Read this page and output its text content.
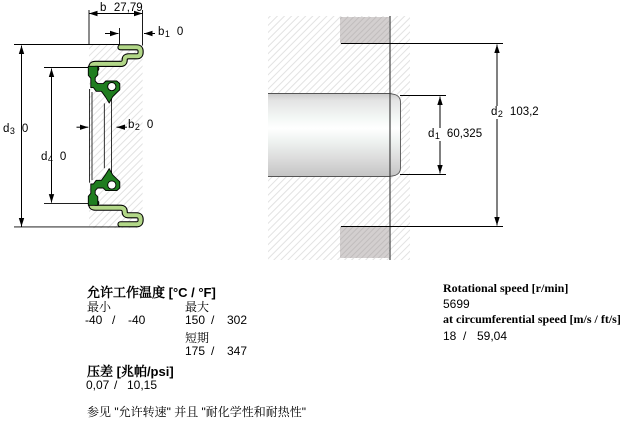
b 27,79
$b_1$ 0
$b_2$ 0
$d_3$ 0
$d_4$ 0
$d_2$ 103,2
$d_1$ 60,325
允许工作温度 [°C / °F]
最小	最大
-40 / -40	150 / 302
短期
175 / 347
压差 [兆帕/psi]
0,07 / 10,15
参见 "允许转速" 并且 "耐化学性和耐热性"
Rotational speed [r/min]
5699
at circumferential speed [m/s / ft/s]
18 / 59,04
